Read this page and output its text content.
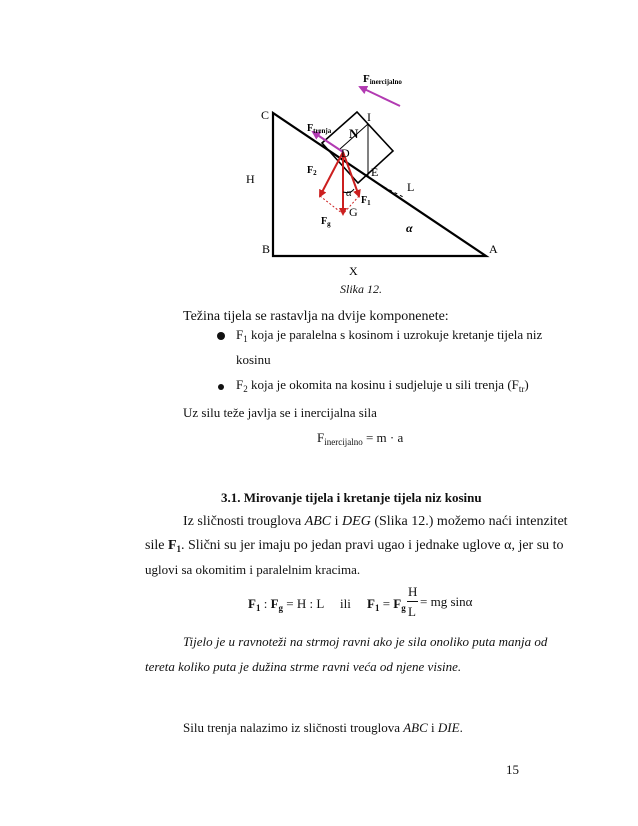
Finercijalno
C	I
$F_{trenja}$ N
D
H
$F_2$	E
L
α
$F_1$
G
$F_g$	α
B	A
X
Slika 12.
Težina tijela se rastavlja na dvije komponenete:
$F_1$ koja je paralelna s kosinom i uzrokuje kretanje tijela niz
kosinu
$F_2$ koja je okomita na kosinu i sudjeluje u sili trenja $(F_{tr})$
Uz silu teže javlja se i inercijalna sila
$F_{inercijalno} = m \cdot a$
3.1. Mirovanje tijela i kretanje tijela niz kosinu
Iz sličnosti trouglova ABC i DEG (Slika 12.) možemo naći intenzitet
sile $F_1$. Slični su jer imaju po jedan pravi ugao i jednake uglove α, jer su to
uglovi sa okomitim i paralelnim kracima.
$F_1$ : $F_g = H$ : L ili $F_1 = F_g$
H
L
= mg sinα
Tijelo je u ravnoteži na strmoj ravni ako je sila onoliko puta manja od
tereta koliko puta je dužina strme ravni veća od njene visine.
Silu trenja nalazimo iz sličnosti trouglova ABC i DIE.
15
